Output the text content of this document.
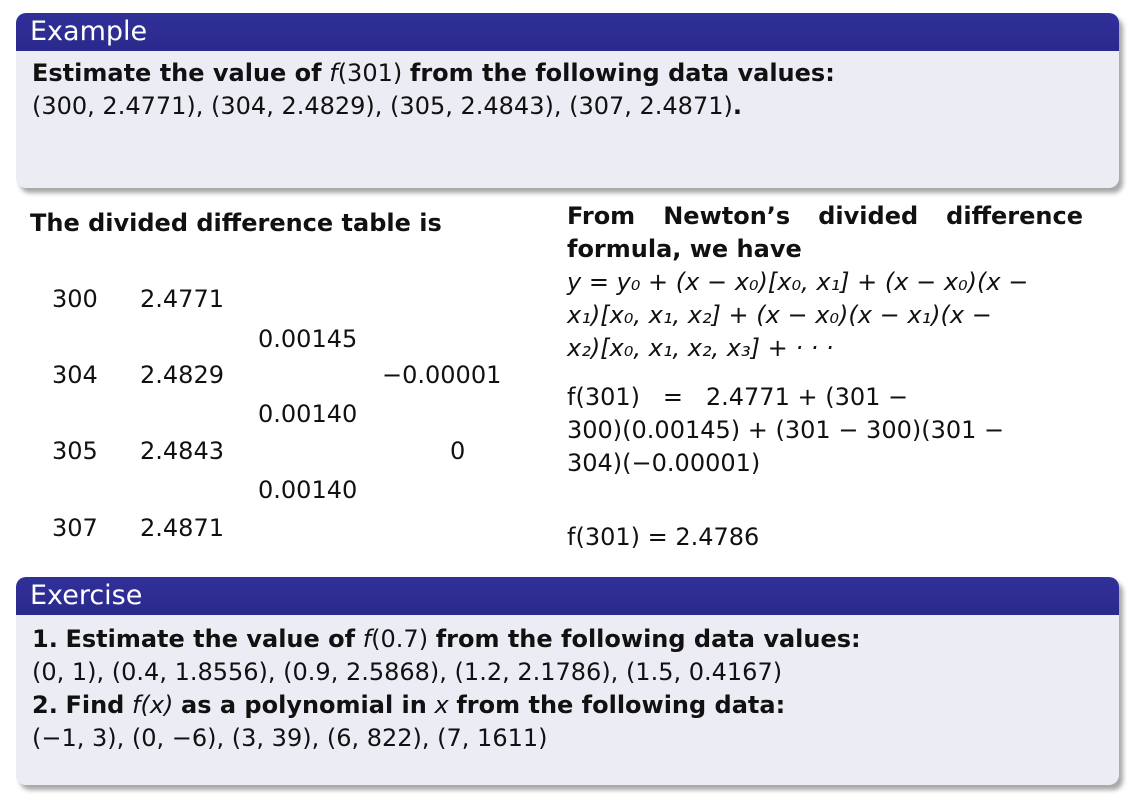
Example
Estimate the value of f(301) from the following data values:
(300, 2.4771), (304, 2.4829), (305, 2.4843), (307, 2.4871).
The divided difference table is
300 2.4771
0.00145
304 2.4829	−0.00001
0.00140
305 2.4843	0
0.00140
307 2.4871
From Newton’s divided difference formula, we have
y = y₀ + (x − x₀)[x₀, x₁] + (x − x₀)(x −
x₁)[x₀, x₁, x₂] + (x − x₀)(x − x₁)(x −
x₂)[x₀, x₁, x₂, x₃] + · · ·
f(301)   =   2.4771 + (301 −
300)(0.00145) + (301 − 300)(301 −
304)(−0.00001)
f(301) = 2.4786
Exercise
1. Estimate the value of f(0.7) from the following data values:
(0, 1), (0.4, 1.8556), (0.9, 2.5868), (1.2, 2.1786), (1.5, 0.4167)
2. Find f(x) as a polynomial in x from the following data:
(−1, 3), (0, −6), (3, 39), (6, 822), (7, 1611)
